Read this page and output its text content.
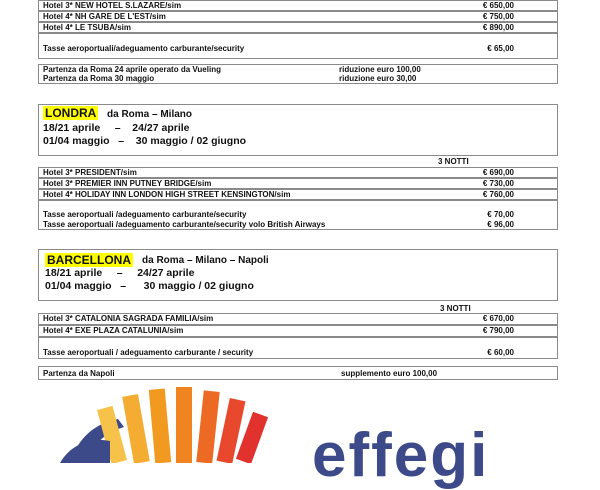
Hotel 3* NEW HOTEL S.LAZARE/sim	€ 650,00
Hotel 4* NH GARE DE L'EST/sim	€ 750,00
Hotel 4* LE TSUBA/sim	€ 890,00
Tasse aeroportuali/adeguamento carburante/security	€ 65,00
Partenza da Roma 24 aprile operato da Vueling	riduzione euro 100,00
Partenza da Roma 30 maggio	riduzione euro 30,00
LONDRA da Roma – Milano
18/21 aprile     –    24/27 aprile
01/04 maggio   –    30 maggio / 02 giugno
3 NOTTI
Hotel 3* PRESIDENT/sim	€ 690,00
Hotel 3* PREMIER INN PUTNEY BRIDGE/sim	€ 730,00
Hotel 4* HOLIDAY INN LONDON HIGH STREET KENSINGTON/sim	€ 760,00
Tasse aeroportuali /adeguamento carburante/security	€ 70,00
Tasse aeroportuali /adeguamento carburante/security volo British Airways	€ 96,00
BARCELLONA da Roma – Milano – Napoli
18/21 aprile     –     24/27 aprile
01/04 maggio   –      30 maggio / 02 giugno
3 NOTTI
Hotel 3* CATALONIA SAGRADA FAMILIA/sim	€ 670,00
Hotel 4* EXE PLAZA CATALUNIA/sim	€ 790,00
Tasse aeroportuali / adeguamento carburante / security	€ 60,00
Partenza da Napoli	supplemento euro 100,00
effegi
